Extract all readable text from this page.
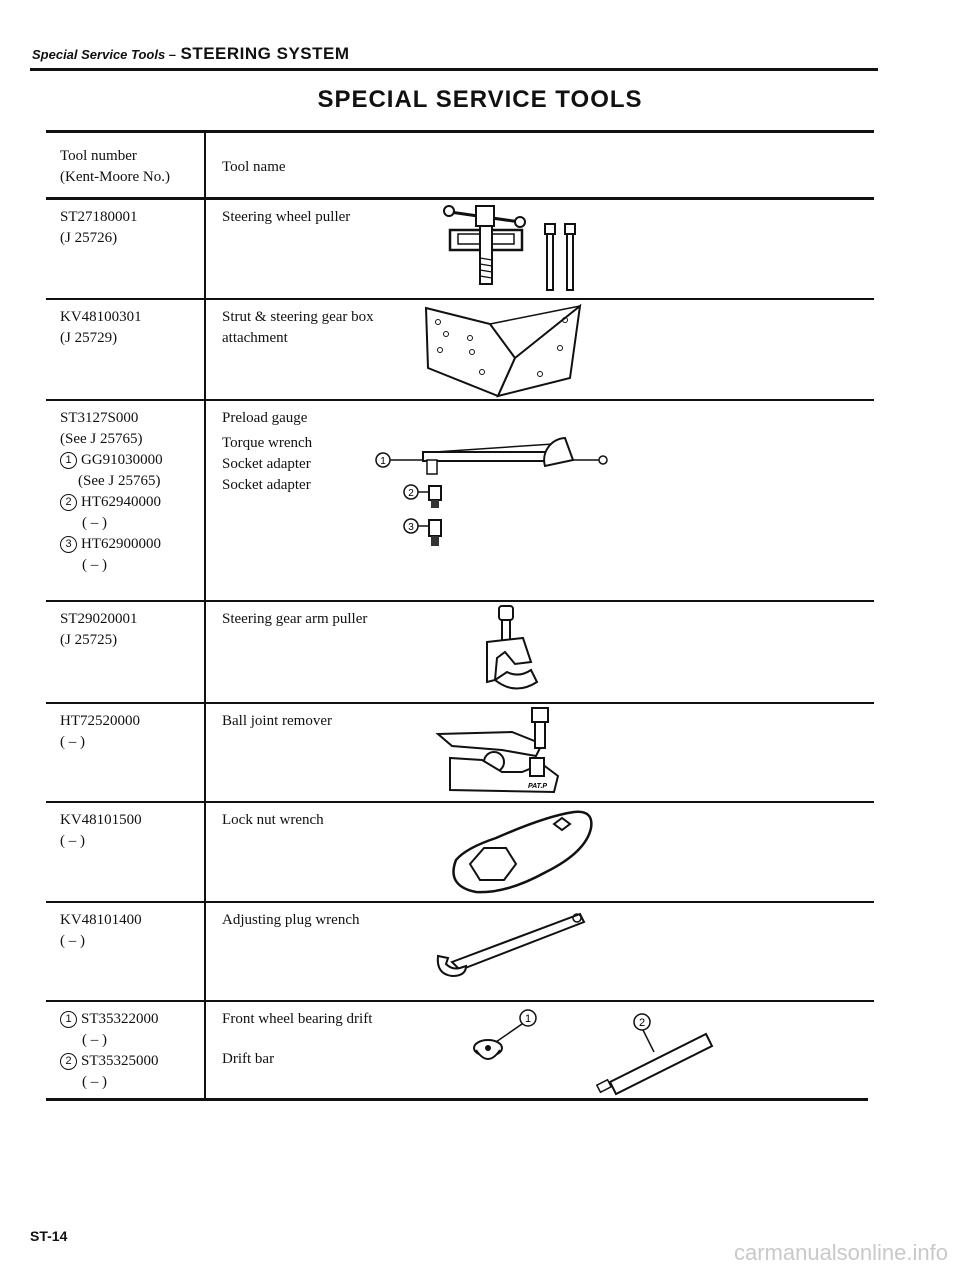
Special Service Tools – STEERING SYSTEM
SPECIAL SERVICE TOOLS
Tool number
(Kent-Moore No.)
Tool name
ST27180001
(J 25726)
Steering wheel puller
KV48100301
(J 25729)
Strut & steering gear box
attachment
ST3127S000
(See J 25765)
1 GG91030000
(See J 25765)
2 HT62940000
( – )
3 HT62900000
( – )
Preload gauge
Torque wrench
Socket adapter
Socket adapter
1
2
3
ST29020001
(J 25725)
Steering gear arm puller
HT72520000
( – )
Ball joint remover
PAT.P
KV48101500
( – )
Lock nut wrench
KV48101400
( – )
Adjusting plug wrench
1 ST35322000
( – )
2 ST35325000
( – )
Front wheel bearing drift
Drift bar
1	2
ST-14
carmanualsonline.info
